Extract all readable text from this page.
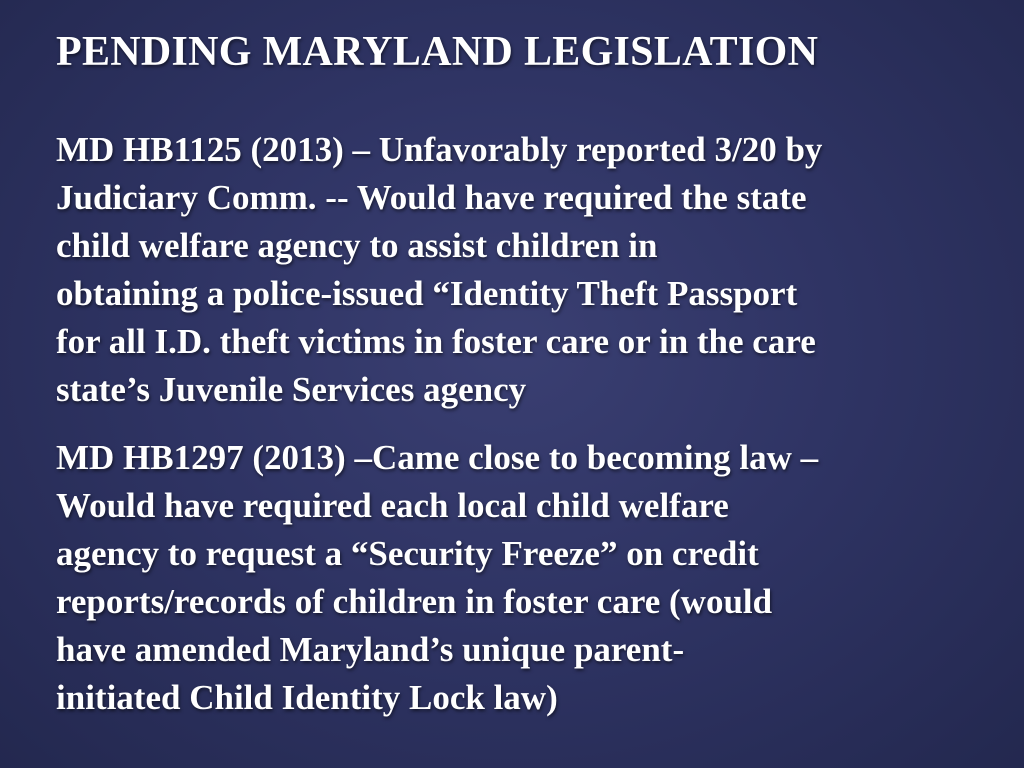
PENDING MARYLAND LEGISLATION

MD HB1125 (2013) – Unfavorably reported 3/20 by
Judiciary Comm. -- Would have required the state
child welfare agency to assist children in
obtaining a police-issued “Identity Theft Passport
for all I.D. theft victims in foster care or in the care
state’s Juvenile Services agency

MD HB1297 (2013) –Came close to becoming law –
Would have required each local child welfare
agency to request a “Security Freeze” on credit
reports/records of children in foster care (would
have amended Maryland’s unique parent-
initiated Child Identity Lock law)
